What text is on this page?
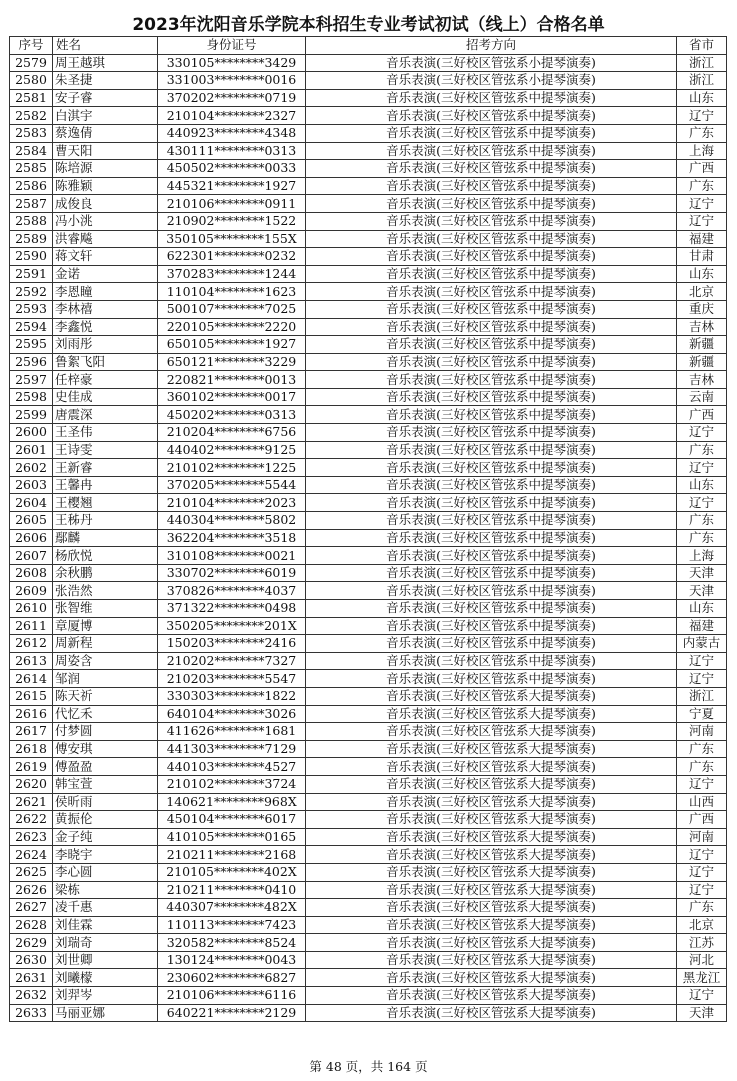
2023年沈阳音乐学院本科招生专业考试初试（线上）合格名单
序号	姓名	身份证号	招考方向	省市
2579	周王越琪	330105********3429	音乐表演(三好校区管弦系小提琴演奏)	浙江
2580	朱圣捷	331003********0016	音乐表演(三好校区管弦系小提琴演奏)	浙江
2581	安子睿	370202********0719	音乐表演(三好校区管弦系中提琴演奏)	山东
2582	白淇宇	210104********2327	音乐表演(三好校区管弦系中提琴演奏)	辽宁
2583	蔡逸倩	440923********4348	音乐表演(三好校区管弦系中提琴演奏)	广东
2584	曹天阳	430111********0313	音乐表演(三好校区管弦系中提琴演奏)	上海
2585	陈培源	450502********0033	音乐表演(三好校区管弦系中提琴演奏)	广西
2586	陈雅颖	445321********1927	音乐表演(三好校区管弦系中提琴演奏)	广东
2587	成俊良	210106********0911	音乐表演(三好校区管弦系中提琴演奏)	辽宁
2588	冯小洮	210902********1522	音乐表演(三好校区管弦系中提琴演奏)	辽宁
2589	洪睿飚	350105********155X	音乐表演(三好校区管弦系中提琴演奏)	福建
2590	蒋文轩	622301********0232	音乐表演(三好校区管弦系中提琴演奏)	甘肃
2591	金诺	370283********1244	音乐表演(三好校区管弦系中提琴演奏)	山东
2592	李恩瞳	110104********1623	音乐表演(三好校区管弦系中提琴演奏)	北京
2593	李林禧	500107********7025	音乐表演(三好校区管弦系中提琴演奏)	重庆
2594	李鑫悦	220105********2220	音乐表演(三好校区管弦系中提琴演奏)	吉林
2595	刘雨彤	650105********1927	音乐表演(三好校区管弦系中提琴演奏)	新疆
2596	鲁絮飞阳	650121********3229	音乐表演(三好校区管弦系中提琴演奏)	新疆
2597	任梓豪	220821********0013	音乐表演(三好校区管弦系中提琴演奏)	吉林
2598	史佳成	360102********0017	音乐表演(三好校区管弦系中提琴演奏)	云南
2599	唐震深	450202********0313	音乐表演(三好校区管弦系中提琴演奏)	广西
2600	王圣伟	210204********6756	音乐表演(三好校区管弦系中提琴演奏)	辽宁
2601	王诗雯	440402********9125	音乐表演(三好校区管弦系中提琴演奏)	广东
2602	王新睿	210102********1225	音乐表演(三好校区管弦系中提琴演奏)	辽宁
2603	王馨冉	370205********5544	音乐表演(三好校区管弦系中提琴演奏)	山东
2604	王樱翘	210104********2023	音乐表演(三好校区管弦系中提琴演奏)	辽宁
2605	王秭丹	440304********5802	音乐表演(三好校区管弦系中提琴演奏)	广东
2606	鄢麟	362204********3518	音乐表演(三好校区管弦系中提琴演奏)	广东
2607	杨欣悦	310108********0021	音乐表演(三好校区管弦系中提琴演奏)	上海
2608	余秋鹏	330702********6019	音乐表演(三好校区管弦系中提琴演奏)	天津
2609	张浩然	370826********4037	音乐表演(三好校区管弦系中提琴演奏)	天津
2610	张智维	371322********0498	音乐表演(三好校区管弦系中提琴演奏)	山东
2611	章厦博	350205********201X	音乐表演(三好校区管弦系中提琴演奏)	福建
2612	周新程	150203********2416	音乐表演(三好校区管弦系中提琴演奏)	内蒙古
2613	周姿含	210202********7327	音乐表演(三好校区管弦系中提琴演奏)	辽宁
2614	邹润	210203********5547	音乐表演(三好校区管弦系中提琴演奏)	辽宁
2615	陈天祈	330303********1822	音乐表演(三好校区管弦系大提琴演奏)	浙江
2616	代忆禾	640104********3026	音乐表演(三好校区管弦系大提琴演奏)	宁夏
2617	付梦圆	411626********1681	音乐表演(三好校区管弦系大提琴演奏)	河南
2618	傅安琪	441303********7129	音乐表演(三好校区管弦系大提琴演奏)	广东
2619	傅盈盈	440103********4527	音乐表演(三好校区管弦系大提琴演奏)	广东
2620	韩宝萱	210102********3724	音乐表演(三好校区管弦系大提琴演奏)	辽宁
2621	侯昕雨	140621********968X	音乐表演(三好校区管弦系大提琴演奏)	山西
2622	黄振伦	450104********6017	音乐表演(三好校区管弦系大提琴演奏)	广西
2623	金子纯	410105********0165	音乐表演(三好校区管弦系大提琴演奏)	河南
2624	李晓宇	210211********2168	音乐表演(三好校区管弦系大提琴演奏)	辽宁
2625	李心圆	210105********402X	音乐表演(三好校区管弦系大提琴演奏)	辽宁
2626	梁栋	210211********0410	音乐表演(三好校区管弦系大提琴演奏)	辽宁
2627	凌千惠	440307********482X	音乐表演(三好校区管弦系大提琴演奏)	广东
2628	刘佳霖	110113********7423	音乐表演(三好校区管弦系大提琴演奏)	北京
2629	刘瑞奇	320582********8524	音乐表演(三好校区管弦系大提琴演奏)	江苏
2630	刘世卿	130124********0043	音乐表演(三好校区管弦系大提琴演奏)	河北
2631	刘曦檬	230602********6827	音乐表演(三好校区管弦系大提琴演奏)	黑龙江
2632	刘羿岑	210106********6116	音乐表演(三好校区管弦系大提琴演奏)	辽宁
2633	马丽亚娜	640221********2129	音乐表演(三好校区管弦系大提琴演奏)	天津
第 48 页，共 164 页
